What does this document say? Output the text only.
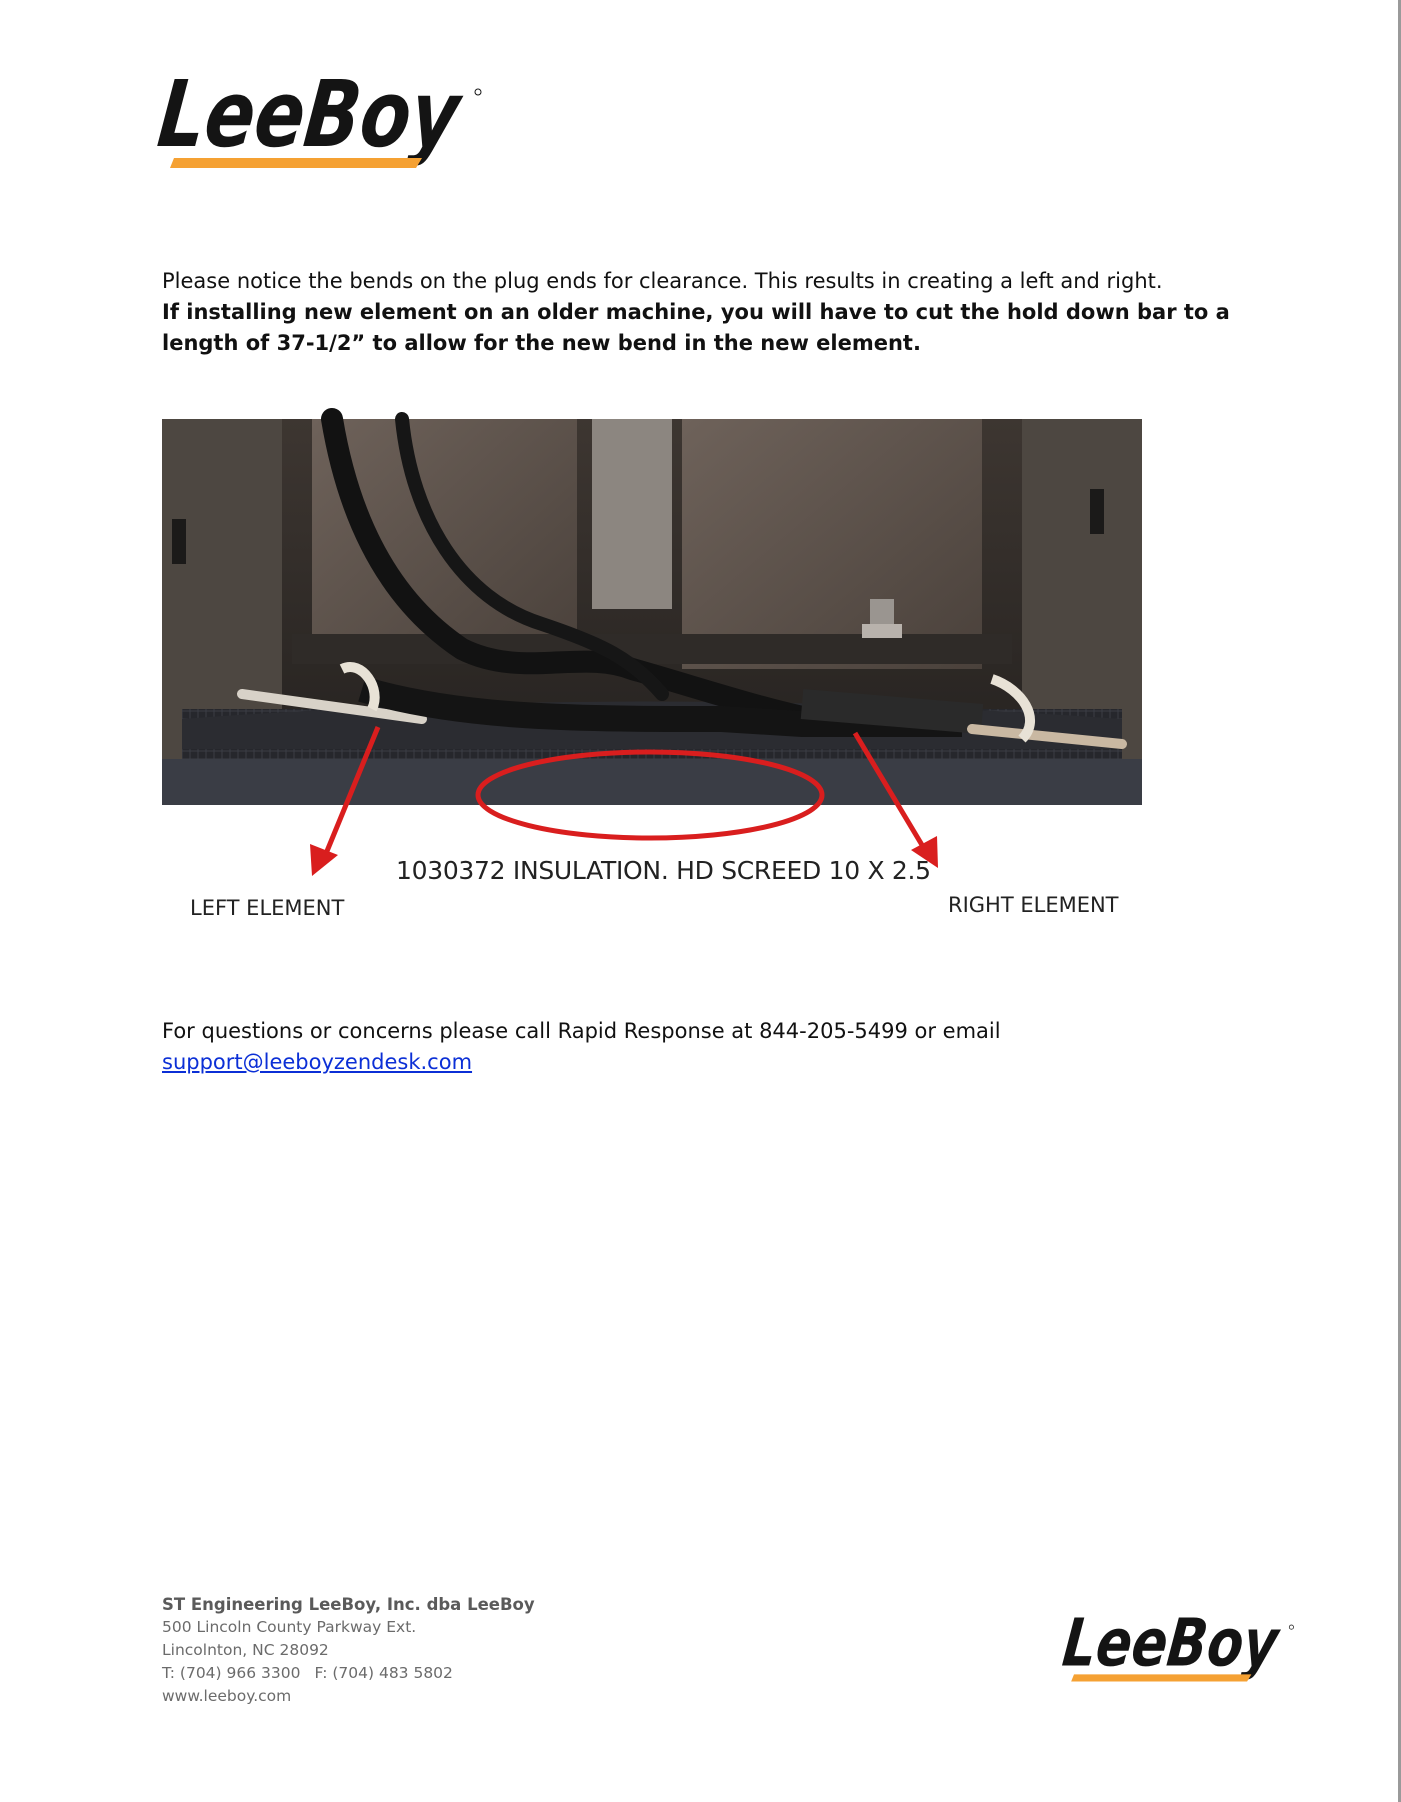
LeeBoy

Please notice the bends on the plug ends for clearance. This results in creating a left and right.

If installing new element on an older machine, you will have to cut the hold down bar to a length of 37-1/2” to allow for the new bend in the new element.

1030372 INSULATION. HD SCREED 10 X 2.5
LEFT ELEMENT	RIGHT ELEMENT

For questions or concerns please call Rapid Response at 844-205-5499 or email

support@leeboyzendesk.com

ST Engineering LeeBoy, Inc. dba LeeBoy
500 Lincoln County Parkway Ext.
Lincolnton, NC 28092
T: (704) 966 3300 F: (704) 483 5802
www.leeboy.com
LeeBoy
